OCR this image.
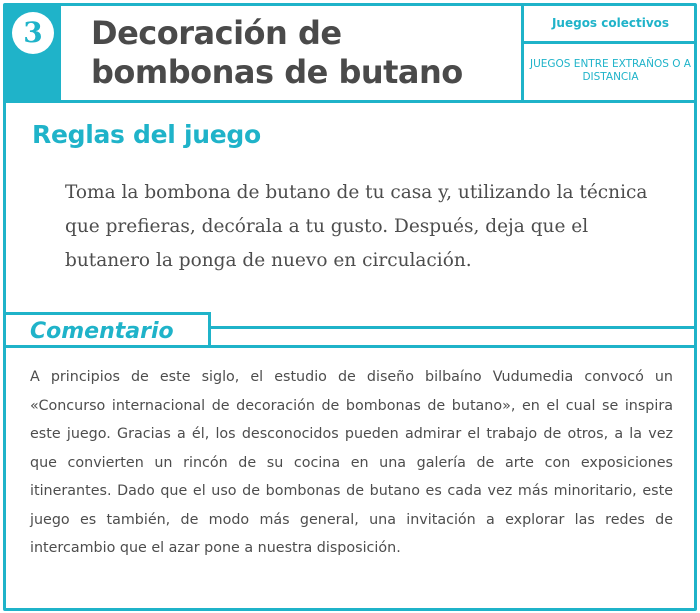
3	Decoración de bombonas de butano
Juegos colectivos
JUEGOS ENTRE EXTRAÑOS O A DISTANCIA
Reglas del juego

Toma la bombona de butano de tu casa y, utilizando la técnica que prefieras, decórala a tu gusto. Después, deja que el butanero la ponga de nuevo en circulación.

Comentario

A principios de este siglo, el estudio de diseño bilbaíno Vudumedia convocó un «Concurso internacional de decoración de bombonas de butano», en el cual se inspira este juego. Gracias a él, los desconocidos pueden admirar el trabajo de otros, a la vez que convierten un rincón de su cocina en una galería de arte con exposiciones itinerantes. Dado que el uso de bombonas de butano es cada vez más minoritario, este juego es también, de modo más general, una invitación a explorar las redes de intercambio que el azar pone a nuestra disposición.
